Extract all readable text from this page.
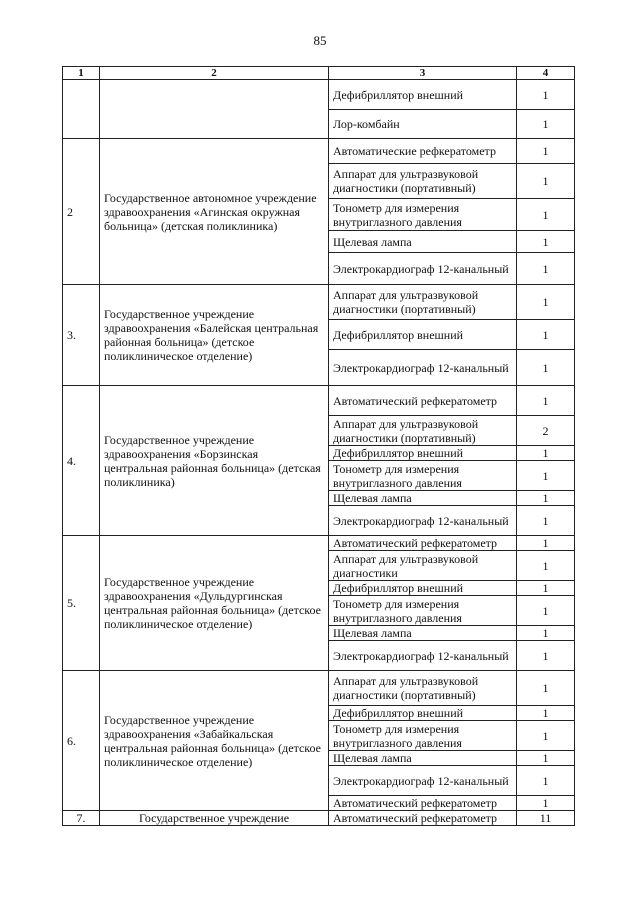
85
1	2	3	4
		Дефибриллятор внешний	1
		Лор-комбайн	1
2	Государственное автономное учреждение здравоохранения «Агинская окружная больница» (детская поликлиника)	Автоматические рефкератометр	1
		Аппарат для ультразвуковой диагностики (портативный)	1
		Тонометр для измерения внутриглазного давления	1
		Щелевая лампа	1
		Электрокардиограф 12-канальный	1
3.	Государственное учреждение здравоохранения «Балейская центральная районная больница» (детское поликлиническое отделение)	Аппарат для ультразвуковой диагностики (портативный)	1
		Дефибриллятор внешний	1
		Электрокардиограф 12-канальный	1
4.	Государственное учреждение здравоохранения «Борзинская центральная районная больница» (детская поликлиника)	Автоматический рефкератометр	1
		Аппарат для ультразвуковой диагностики (портативный)	2
		Дефибриллятор внешний	1
		Тонометр для измерения внутриглазного давления	1
		Щелевая лампа	1
		Электрокардиограф 12-канальный	1
5.	Государственное учреждение здравоохранения «Дульдургинская центральная районная больница» (детское поликлиническое отделение)	Автоматический рефкератометр	1
		Аппарат для ультразвуковой диагностики	1
		Дефибриллятор внешний	1
		Тонометр для измерения внутриглазного давления	1
		Щелевая лампа	1
		Электрокардиограф 12-канальный	1
6.	Государственное учреждение здравоохранения «Забайкальская центральная районная больница» (детское поликлиническое отделение)	Аппарат для ультразвуковой диагностики (портативный)	1
		Дефибриллятор внешний	1
		Тонометр для измерения внутриглазного давления	1
		Щелевая лампа	1
		Электрокардиограф 12-канальный	1
		Автоматический рефкератометр	1
7.	Государственное учреждение	Автоматический рефкератометр	11
